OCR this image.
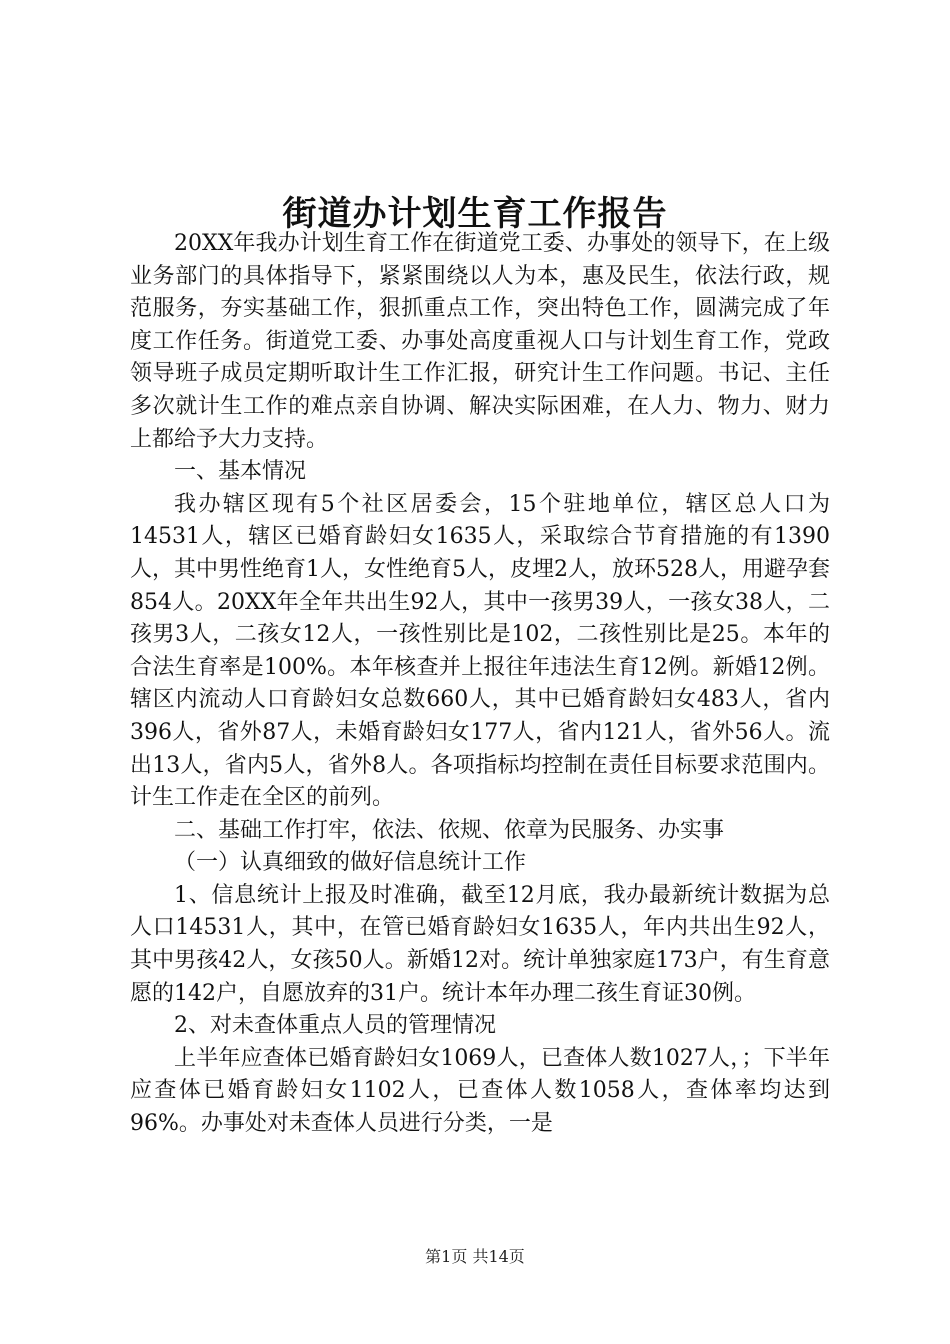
街道办计划生育工作报告

20XX年我办计划生育工作在街道党工委、办事处的领导下，在上级业务部门的具体指导下，紧紧围绕以人为本，惠及民生，依法行政，规范服务，夯实基础工作，狠抓重点工作，突出特色工作，圆满完成了年度工作任务。街道党工委、办事处高度重视人口与计划生育工作，党政领导班子成员定期听取计生工作汇报，研究计生工作问题。书记、主任多次就计生工作的难点亲自协调、解决实际困难，在人力、物力、财力上都给予大力支持。

一、基本情况

我办辖区现有5个社区居委会，15个驻地单位，辖区总人口为14531人，辖区已婚育龄妇女1635人，采取综合节育措施的有1390人，其中男性绝育1人，女性绝育5人，皮埋2人，放环528人，用避孕套854人。20XX年全年共出生92人，其中一孩男39人，一孩女38人，二孩男3人，二孩女12人，一孩性别比是102，二孩性别比是25。本年的合法生育率是100%。本年核查并上报往年违法生育12例。新婚12例。辖区内流动人口育龄妇女总数660人，其中已婚育龄妇女483人，省内396人，省外87人，未婚育龄妇女177人，省内121人，省外56人。流出13人，省内5人，省外8人。各项指标均控制在责任目标要求范围内。计生工作走在全区的前列。

二、基础工作打牢，依法、依规、依章为民服务、办实事

（一）认真细致的做好信息统计工作

1、信息统计上报及时准确，截至12月底，我办最新统计数据为总人口14531人，其中，在管已婚育龄妇女1635人，年内共出生92人，其中男孩42人，女孩50人。新婚12对。统计单独家庭173户，有生育意愿的142户，自愿放弃的31户。统计本年办理二孩生育证30例。

2、对未查体重点人员的管理情况

上半年应查体已婚育龄妇女1069人，已查体人数1027人，；下半年应查体已婚育龄妇女1102人，已查体人数1058人，查体率均达到96%。办事处对未查体人员进行分类，一是

第1页 共14页
